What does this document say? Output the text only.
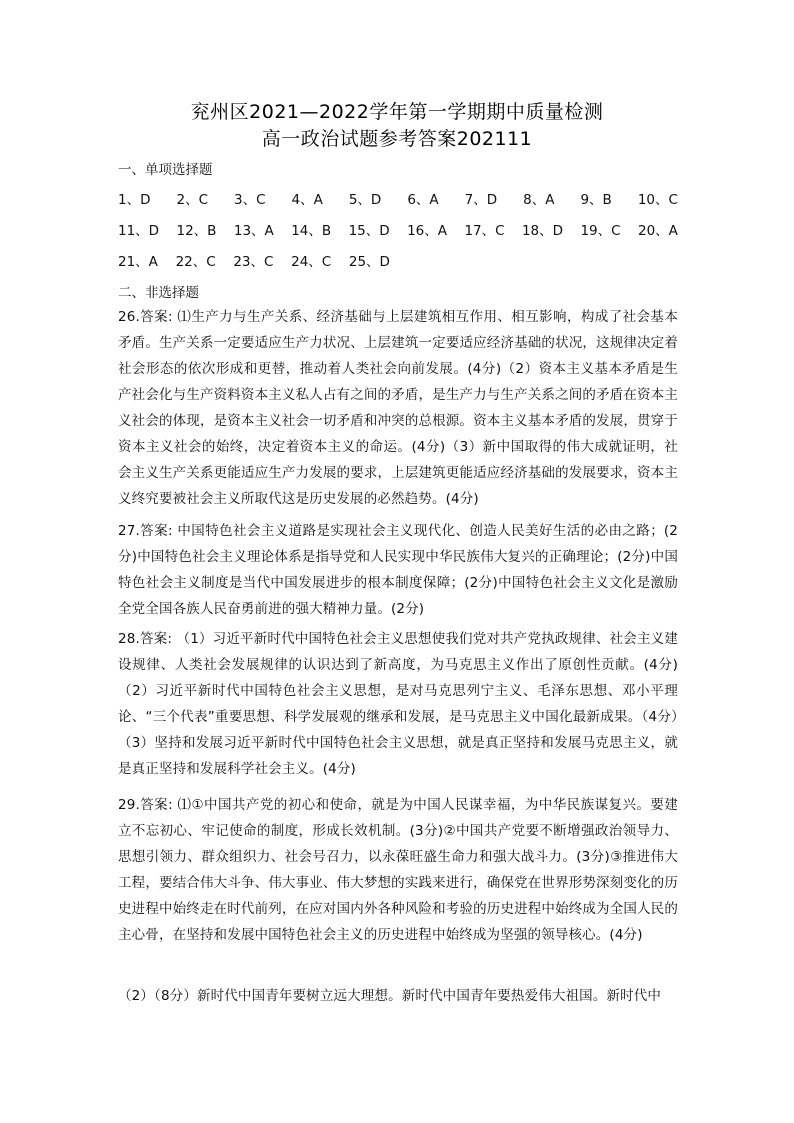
兖州区2021—2022学年第一学期期中质量检测
高一政治试题参考答案202111
一、单项选择题
1、D 2、C 3、C 4、A 5、D 6、A 7、D 8、A 9、B 10、C
11、D 12、B 13、A 14、B 15、D 16、A 17、C 18、D 19、C 20、A
21、A 22、C 23、C 24、C 25、D
二、非选择题
26.答案: ⑴生产力与生产关系、经济基础与上层建筑相互作用、相互影响，构成了社会基本矛盾。生产关系一定要适应生产力状况、上层建筑一定要适应经济基础的状况，这规律决定着社会形态的依次形成和更替，推动着人类社会向前发展。(4分)（2）资本主义基本矛盾是生产社会化与生产资料资本主义私人占有之间的矛盾，是生产力与生产关系之间的矛盾在资本主义社会的体现，是资本主义社会一切矛盾和冲突的总根源。资本主义基本矛盾的发展，贯穿于资本主义社会的始终，决定着资本主义的命运。(4分)（3）新中国取得的伟大成就证明，社会主义生产关系更能适应生产力发展的要求，上层建筑更能适应经济基础的发展要求，资本主义终究要被社会主义所取代这是历史发展的必然趋势。(4分)
27.答案: 中国特色社会主义道路是实现社会主义现代化、创造人民美好生活的必由之路；(2分)中国特色社会主义理论体系是指导党和人民实现中华民族伟大复兴的正确理论；(2分)中国特色社会主义制度是当代中国发展进步的根本制度保障；(2分)中国特色社会主义文化是激励全党全国各族人民奋勇前进的强大精神力量。(2分)
28.答案: （1）习近平新时代中国特色社会主义思想使我们党对共产党执政规律、社会主义建设规律、人类社会发展规律的认识达到了新高度，为马克思主义作出了原创性贡献。(4分)（2）习近平新时代中国特色社会主义思想，是对马克思列宁主义、毛泽东思想、邓小平理论、“三个代表”重要思想、科学发展观的继承和发展，是马克思主义中国化最新成果。（4分）（3）坚持和发展习近平新时代中国特色社会主义思想，就是真正坚持和发展马克思主义，就是真正坚持和发展科学社会主义。(4分)
29.答案: ⑴①中国共产党的初心和使命，就是为中国人民谋幸福，为中华民族谋复兴。要建立不忘初心、牢记使命的制度，形成长效机制。(3分)②中国共产党要不断增强政治领导力、思想引领力、群众组织力、社会号召力，以永葆旺盛生命力和强大战斗力。(3分)③推进伟大工程，要结合伟大斗争、伟大事业、伟大梦想的实践来进行，确保党在世界形势深刻变化的历史进程中始终走在时代前列，在应对国内外各种风险和考验的历史进程中始终成为全国人民的主心骨，在坚持和发展中国特色社会主义的历史进程中始终成为坚强的领导核心。(4分)
（2）（8分）新时代中国青年要树立远大理想。新时代中国青年要热爱伟大祖国。新时代中
